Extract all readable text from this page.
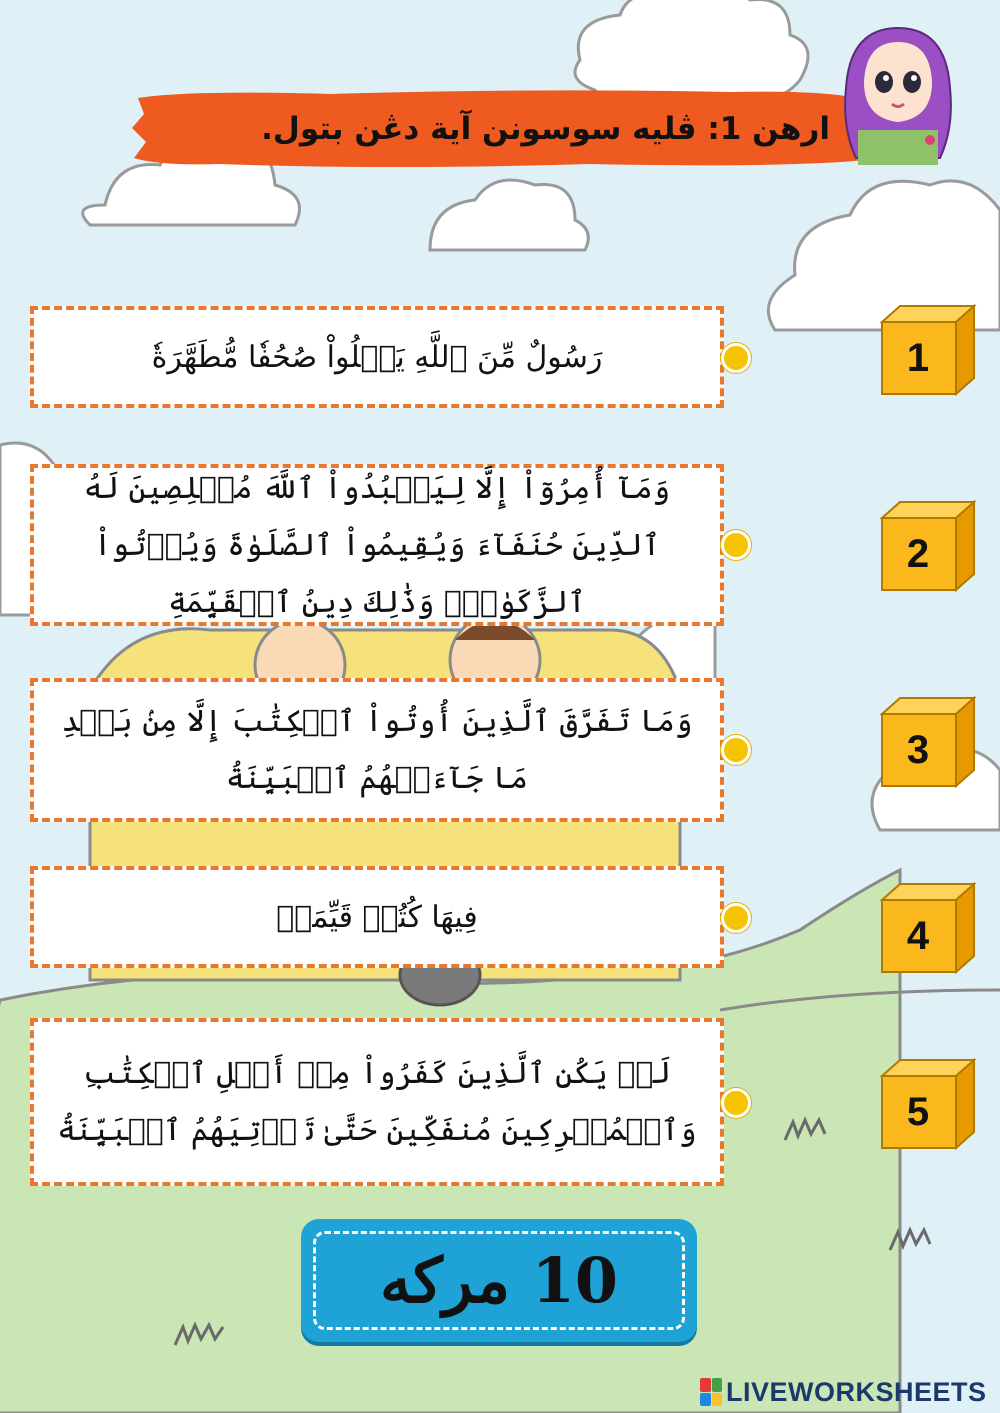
ارهن 1: ڤليه سوسونن آية دڠن بتول.
رَسُولٌ مِّنَ ٱللَّهِ يَتۡلُواْ صُحُفٗا مُّطَهَّرَةٗ
وَمَآ أُمِرُوٓاْ إِلَّا لِيَعۡبُدُواْ ٱللَّهَ مُخۡلِصِينَ لَهُ ٱلدِّينَ حُنَفَآءَ وَيُقِيمُواْ ٱلصَّلَوٰةَ وَيُؤۡتُواْ ٱلزَّكَوٰةَۚ وَذَٰلِكَ دِينُ ٱلۡقَيِّمَةِ
وَمَا تَفَرَّقَ ٱلَّذِينَ أُوتُواْ ٱلۡكِتَٰبَ إِلَّا مِنۢ بَعۡدِ مَا جَآءَتۡهُمُ ٱلۡبَيِّنَةُ
فِيهَا كُتُبٞ قَيِّمَةٞ
لَمۡ يَكُنِ ٱلَّذِينَ كَفَرُواْ مِنۡ أَهۡلِ ٱلۡكِتَٰبِ وَٱلۡمُشۡرِكِينَ مُنفَكِّينَ حَتَّىٰ تَأۡتِيَهُمُ ٱلۡبَيِّنَةُ
1
2
3
4
5
10 مركه
LIVEWORKSHEETS
